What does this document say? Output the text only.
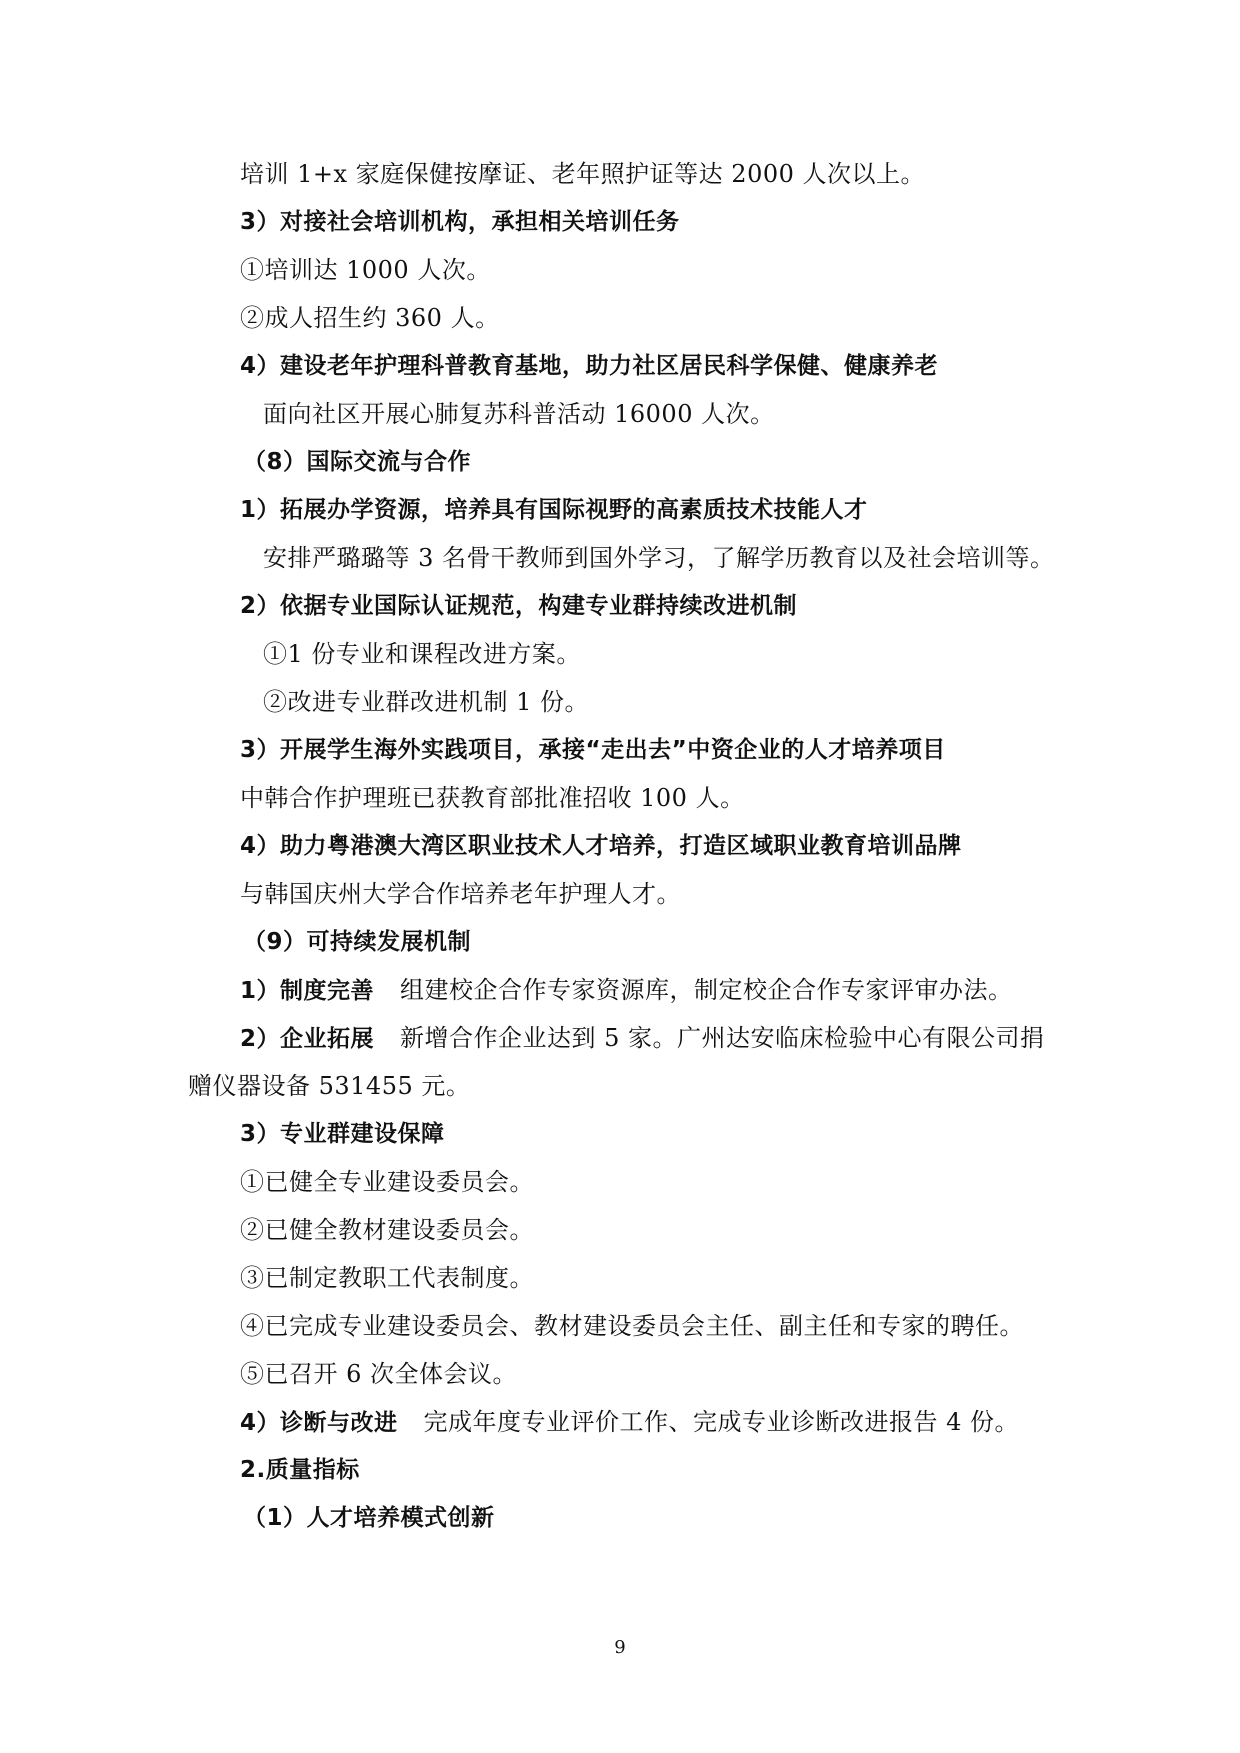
培训 1+x 家庭保健按摩证、老年照护证等达 2000 人次以上。
3）对接社会培训机构，承担相关培训任务
①培训达 1000 人次。
②成人招生约 360 人。
4）建设老年护理科普教育基地，助力社区居民科学保健、健康养老
面向社区开展心肺复苏科普活动 16000 人次。
（8）国际交流与合作
1）拓展办学资源，培养具有国际视野的高素质技术技能人才
安排严璐璐等 3 名骨干教师到国外学习，了解学历教育以及社会培训等。
2）依据专业国际认证规范，构建专业群持续改进机制
①1 份专业和课程改进方案。
②改进专业群改进机制 1 份。
3）开展学生海外实践项目，承接“走出去”中资企业的人才培养项目
中韩合作护理班已获教育部批准招收 100 人。
4）助力粤港澳大湾区职业技术人才培养，打造区域职业教育培训品牌
与韩国庆州大学合作培养老年护理人才。
（9）可持续发展机制
1）制度完善 组建校企合作专家资源库，制定校企合作专家评审办法。
2）企业拓展 新增合作企业达到 5 家。广州达安临床检验中心有限公司捐
赠仪器设备 531455 元。
3）专业群建设保障
①已健全专业建设委员会。
②已健全教材建设委员会。
③已制定教职工代表制度。
④已完成专业建设委员会、教材建设委员会主任、副主任和专家的聘任。
⑤已召开 6 次全体会议。
4）诊断与改进 完成年度专业评价工作、完成专业诊断改进报告 4 份。
2.质量指标
（1）人才培养模式创新
9
